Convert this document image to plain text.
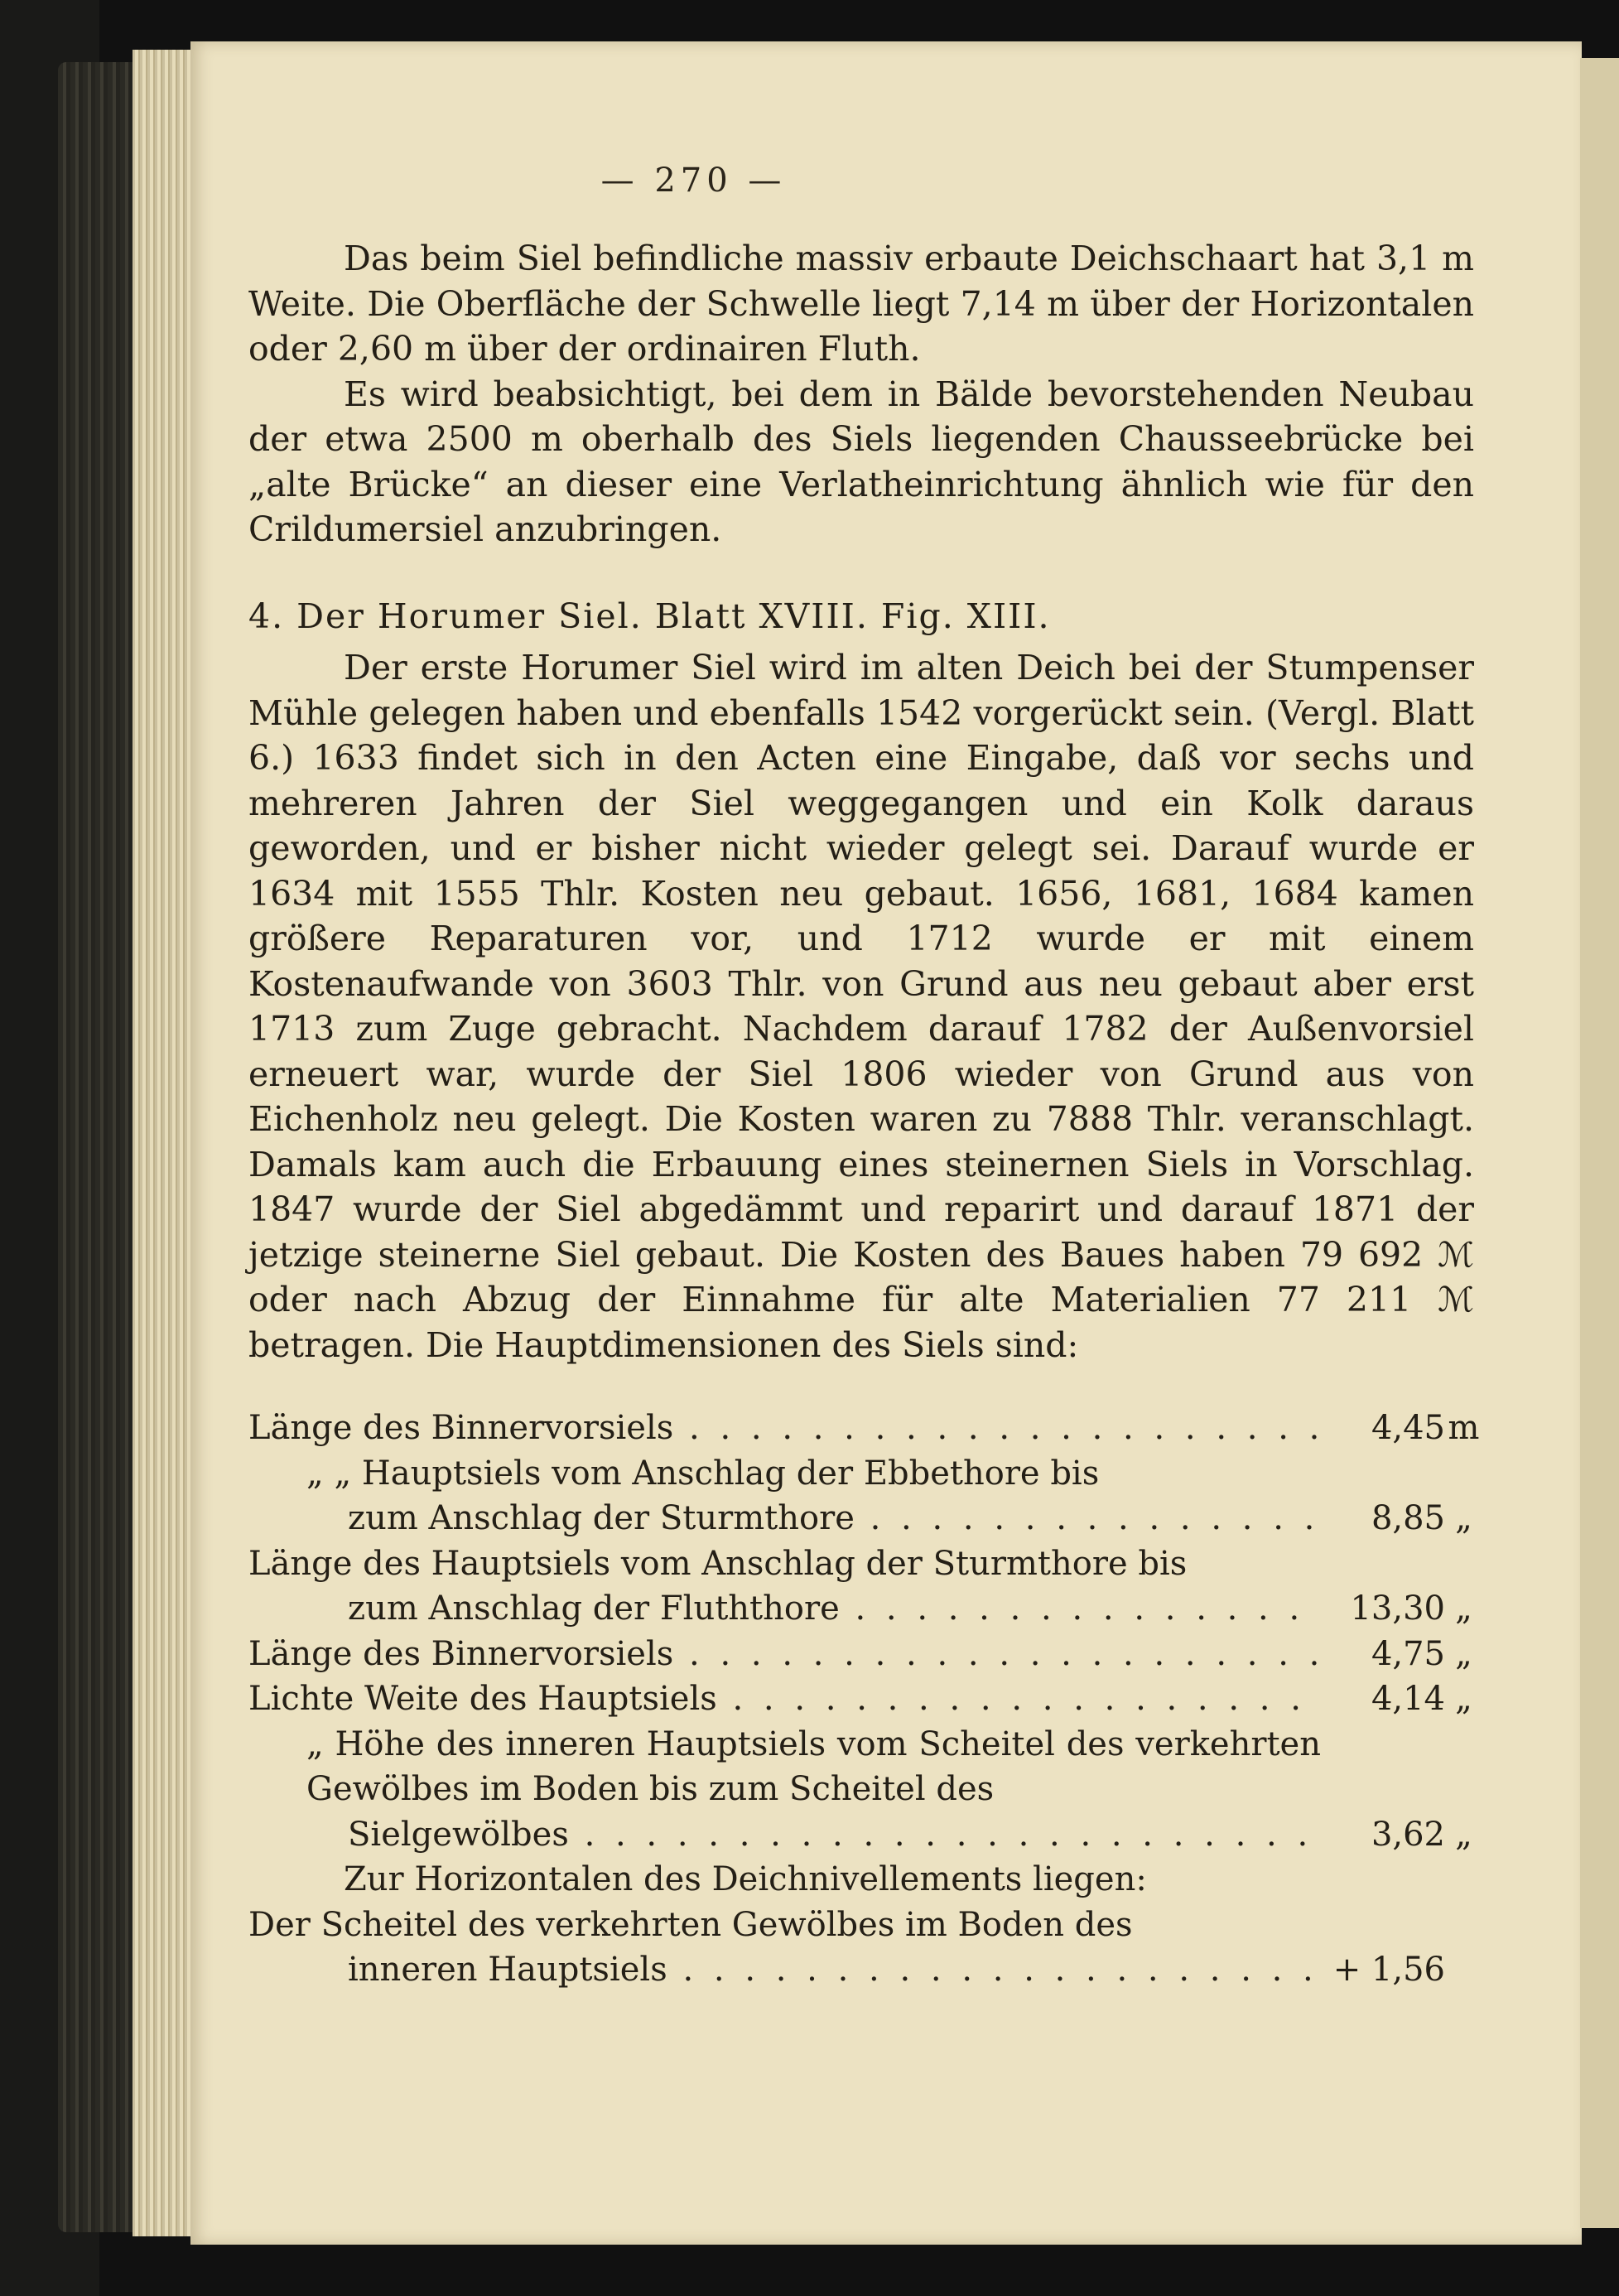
— 270 —

Das beim Siel befindliche massiv erbaute Deichschaart hat 3,1 m Weite. Die Oberfläche der Schwelle liegt 7,14 m über der Horizontalen oder 2,60 m über der ordinairen Fluth.

Es wird beabsichtigt, bei dem in Bälde bevorstehenden Neubau der etwa 2500 m oberhalb des Siels liegenden Chausseebrücke bei „alte Brücke“ an dieser eine Verlatheinrichtung ähnlich wie für den Crildumersiel anzubringen.

4. Der Horumer Siel. Blatt XVIII. Fig. XIII.

Der erste Horumer Siel wird im alten Deich bei der Stumpenser Mühle gelegen haben und ebenfalls 1542 vorgerückt sein. (Vergl. Blatt 6.) 1633 findet sich in den Acten eine Eingabe, daß vor sechs und mehreren Jahren der Siel weggegangen und ein Kolk daraus geworden, und er bisher nicht wieder gelegt sei. Darauf wurde er 1634 mit 1555 Thlr. Kosten neu gebaut. 1656, 1681, 1684 kamen größere Reparaturen vor, und 1712 wurde er mit einem Kostenaufwande von 3603 Thlr. von Grund aus neu gebaut aber erst 1713 zum Zuge gebracht. Nachdem darauf 1782 der Außenvorsiel erneuert war, wurde der Siel 1806 wieder von Grund aus von Eichenholz neu gelegt. Die Kosten waren zu 7888 Thlr. veranschlagt. Damals kam auch die Erbauung eines steinernen Siels in Vorschlag. 1847 wurde der Siel abgedämmt und reparirt und darauf 1871 der jetzige steinerne Siel gebaut. Die Kosten des Baues haben 79 692 ℳ oder nach Abzug der Einnahme für alte Materialien 77 211 ℳ betragen. Die Hauptdimensionen des Siels sind:

Länge des Binnervorsiels . . .	4,45 m
„ „ Hauptsiels vom Anschlag der Ebbethore bis
zum Anschlag der Sturmthore . . .	8,85 „
Länge des Hauptsiels vom Anschlag der Sturmthore bis
zum Anschlag der Fluththore . . .	13,30 „
Länge des Binnervorsiels . . .	4,75 „
Lichte Weite des Hauptsiels . . .	4,14 „
„ Höhe des inneren Hauptsiels vom Scheitel des verkehrten Gewölbes im Boden bis zum Scheitel des
Sielgewölbes . . .	3,62 „
Zur Horizontalen des Deichnivellements liegen:
Der Scheitel des verkehrten Gewölbes im Boden des
inneren Hauptsiels . . .	+ 1,56
